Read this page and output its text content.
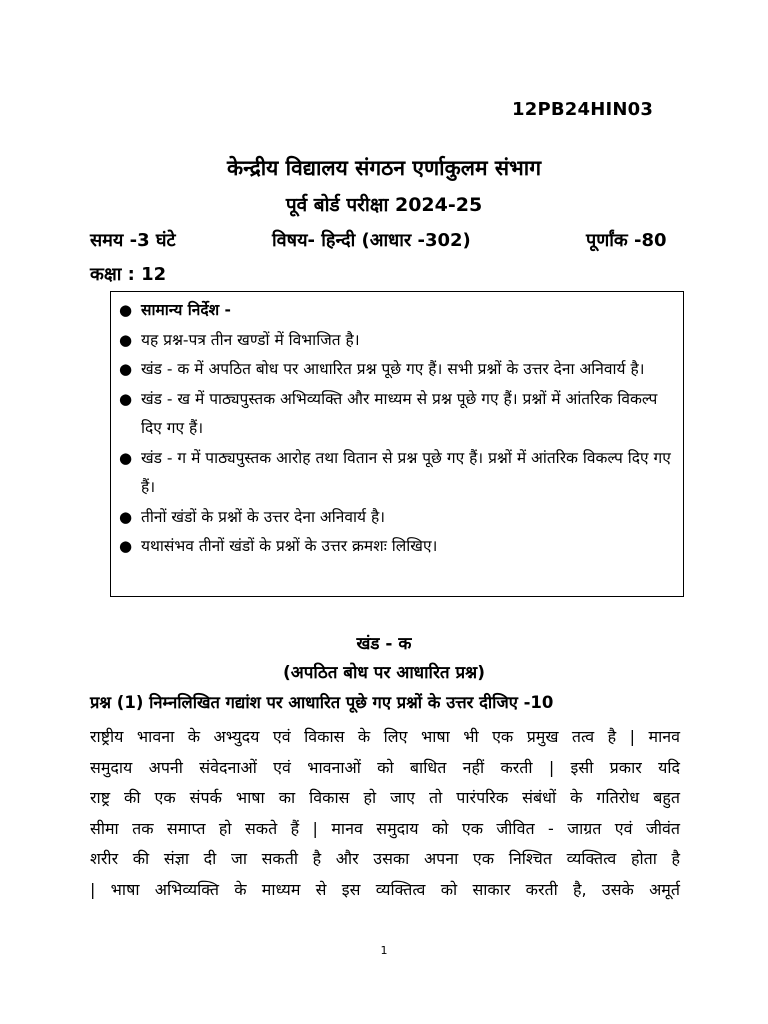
12PB24HIN03
केन्द्रीय विद्यालय संगठन एर्णाकुलम संभाग
पूर्व बोर्ड परीक्षा 2024-25
समय -3 घंटे	विषय- हिन्दी (आधार -302)	पूर्णांक -80
कक्षा : 12
● सामान्य निर्देश -
● यह प्रश्न-पत्र तीन खण्डों में विभाजित है।
● खंड - क में अपठित बोध पर आधारित प्रश्न पूछे गए हैं। सभी प्रश्नों के उत्तर देना अनिवार्य है।
● खंड - ख में पाठ्यपुस्तक अभिव्यक्ति और माध्यम से प्रश्न पूछे गए हैं। प्रश्नों में आंतरिक विकल्प दिए गए हैं।
● खंड - ग में पाठ्यपुस्तक आरोह तथा वितान से प्रश्न पूछे गए हैं। प्रश्नों में आंतरिक विकल्प दिए गए हैं।
● तीनों खंडों के प्रश्नों के उत्तर देना अनिवार्य है।
● यथासंभव तीनों खंडों के प्रश्नों के उत्तर क्रमशः लिखिए।
खंड - क
(अपठित बोध पर आधारित प्रश्न)
प्रश्न (1) निम्नलिखित गद्यांश पर आधारित पूछे गए प्रश्नों के उत्तर दीजिए -10
राष्ट्रीय भावना के अभ्युदय एवं विकास के लिए भाषा भी एक प्रमुख तत्व है | मानव
समुदाय अपनी संवेदनाओं एवं भावनाओं को बाधित नहीं करती | इसी प्रकार यदि
राष्ट्र की एक संपर्क भाषा का विकास हो जाए तो पारंपरिक संबंधों के गतिरोध बहुत
सीमा तक समाप्त हो सकते हैं | मानव समुदाय को एक जीवित - जाग्रत एवं जीवंत
शरीर की संज्ञा दी जा सकती है और उसका अपना एक निश्चित व्यक्तित्व होता है
| भाषा अभिव्यक्ति के माध्यम से इस व्यक्तित्व को साकार करती है, उसके अमूर्त
1
